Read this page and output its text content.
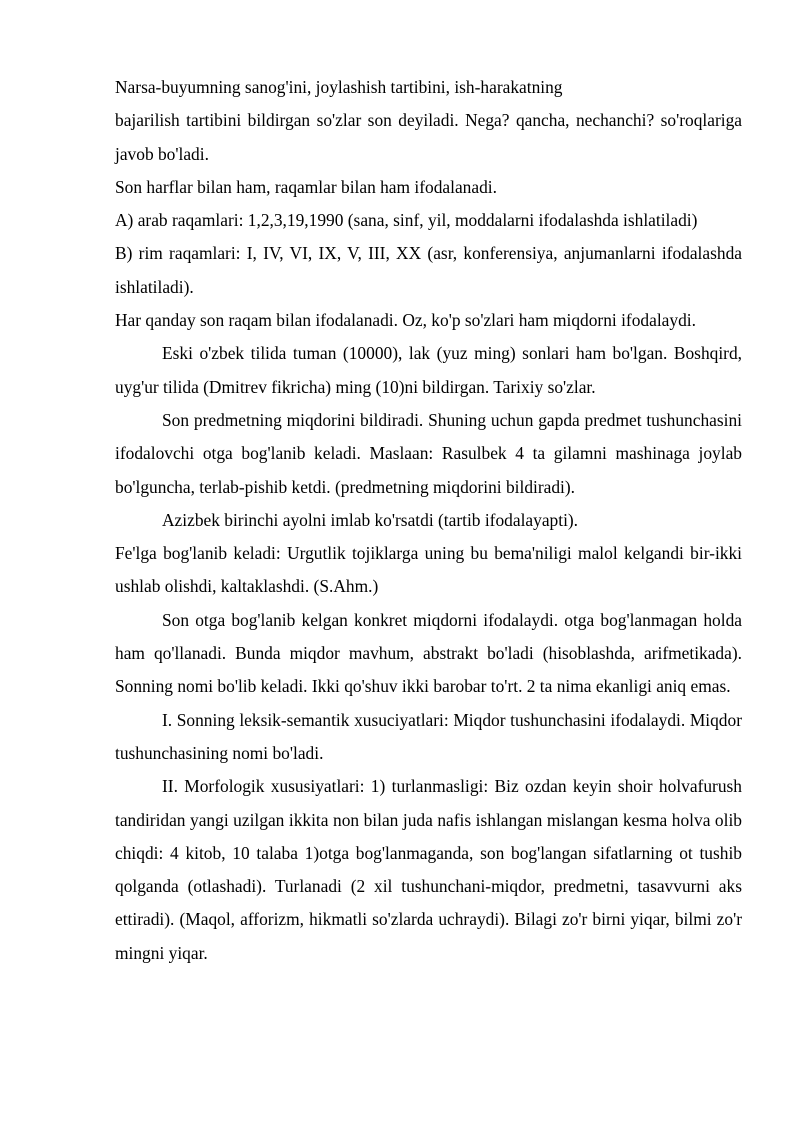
Narsa-buyumning sanog'ini, joylashish tartibini, ish-harakatning

bajarilish tartibini bildirgan so'zlar son deyiladi. Nega? qancha, nechanchi? so'roqlariga javob bo'ladi.

Son harflar bilan ham, raqamlar bilan ham ifodalanadi.

A) arab raqamlari: 1,2,3,19,1990 (sana, sinf, yil, moddalarni ifodalashda ishlatiladi)

B) rim raqamlari: I, IV, VI, IX, V, III, XX (asr, konferensiya, anjumanlarni ifodalashda ishlatiladi).

Har qanday son raqam bilan ifodalanadi. Oz, ko'p so'zlari ham miqdorni ifodalaydi.

Eski o'zbek tilida tuman (10000), lak (yuz ming) sonlari ham bo'lgan. Boshqird, uyg'ur tilida (Dmitrev fikricha) ming (10)ni bildirgan. Tarixiy so'zlar.

Son predmetning miqdorini bildiradi. Shuning uchun gapda predmet tushunchasini ifodalovchi otga bog'lanib keladi. Maslaan: Rasulbek 4 ta gilamni mashinaga joylab bo'lguncha, terlab-pishib ketdi. (predmetning miqdorini bildiradi).

Azizbek birinchi ayolni imlab ko'rsatdi (tartib ifodalayapti).

Fe'lga bog'lanib keladi: Urgutlik tojiklarga uning bu bema'niligi malol kelgandi bir-ikki ushlab olishdi, kaltaklashdi. (S.Ahm.)

Son otga bog'lanib kelgan konkret miqdorni ifodalaydi. otga bog'lanmagan holda ham qo'llanadi. Bunda miqdor mavhum, abstrakt bo'ladi (hisoblashda, arifmetikada). Sonning nomi bo'lib keladi. Ikki qo'shuv ikki barobar to'rt. 2 ta nima ekanligi aniq emas.

I. Sonning leksik-semantik xusuciyatlari: Miqdor tushunchasini ifodalaydi. Miqdor tushunchasining nomi bo'ladi.

II. Morfologik xususiyatlari: 1) turlanmasligi: Biz ozdan keyin shoir holvafurush tandiridan yangi uzilgan ikkita non bilan juda nafis ishlangan mislangan kesma holva olib chiqdi: 4 kitob, 10 talaba 1)otga bog'lanmaganda, son bog'langan sifatlarning ot tushib qolganda (otlashadi). Turlanadi (2 xil tushunchani-miqdor, predmetni, tasavvurni aks ettiradi). (Maqol, afforizm, hikmatli so'zlarda uchraydi). Bilagi zo'r birni yiqar, bilmi zo'r mingni yiqar.
